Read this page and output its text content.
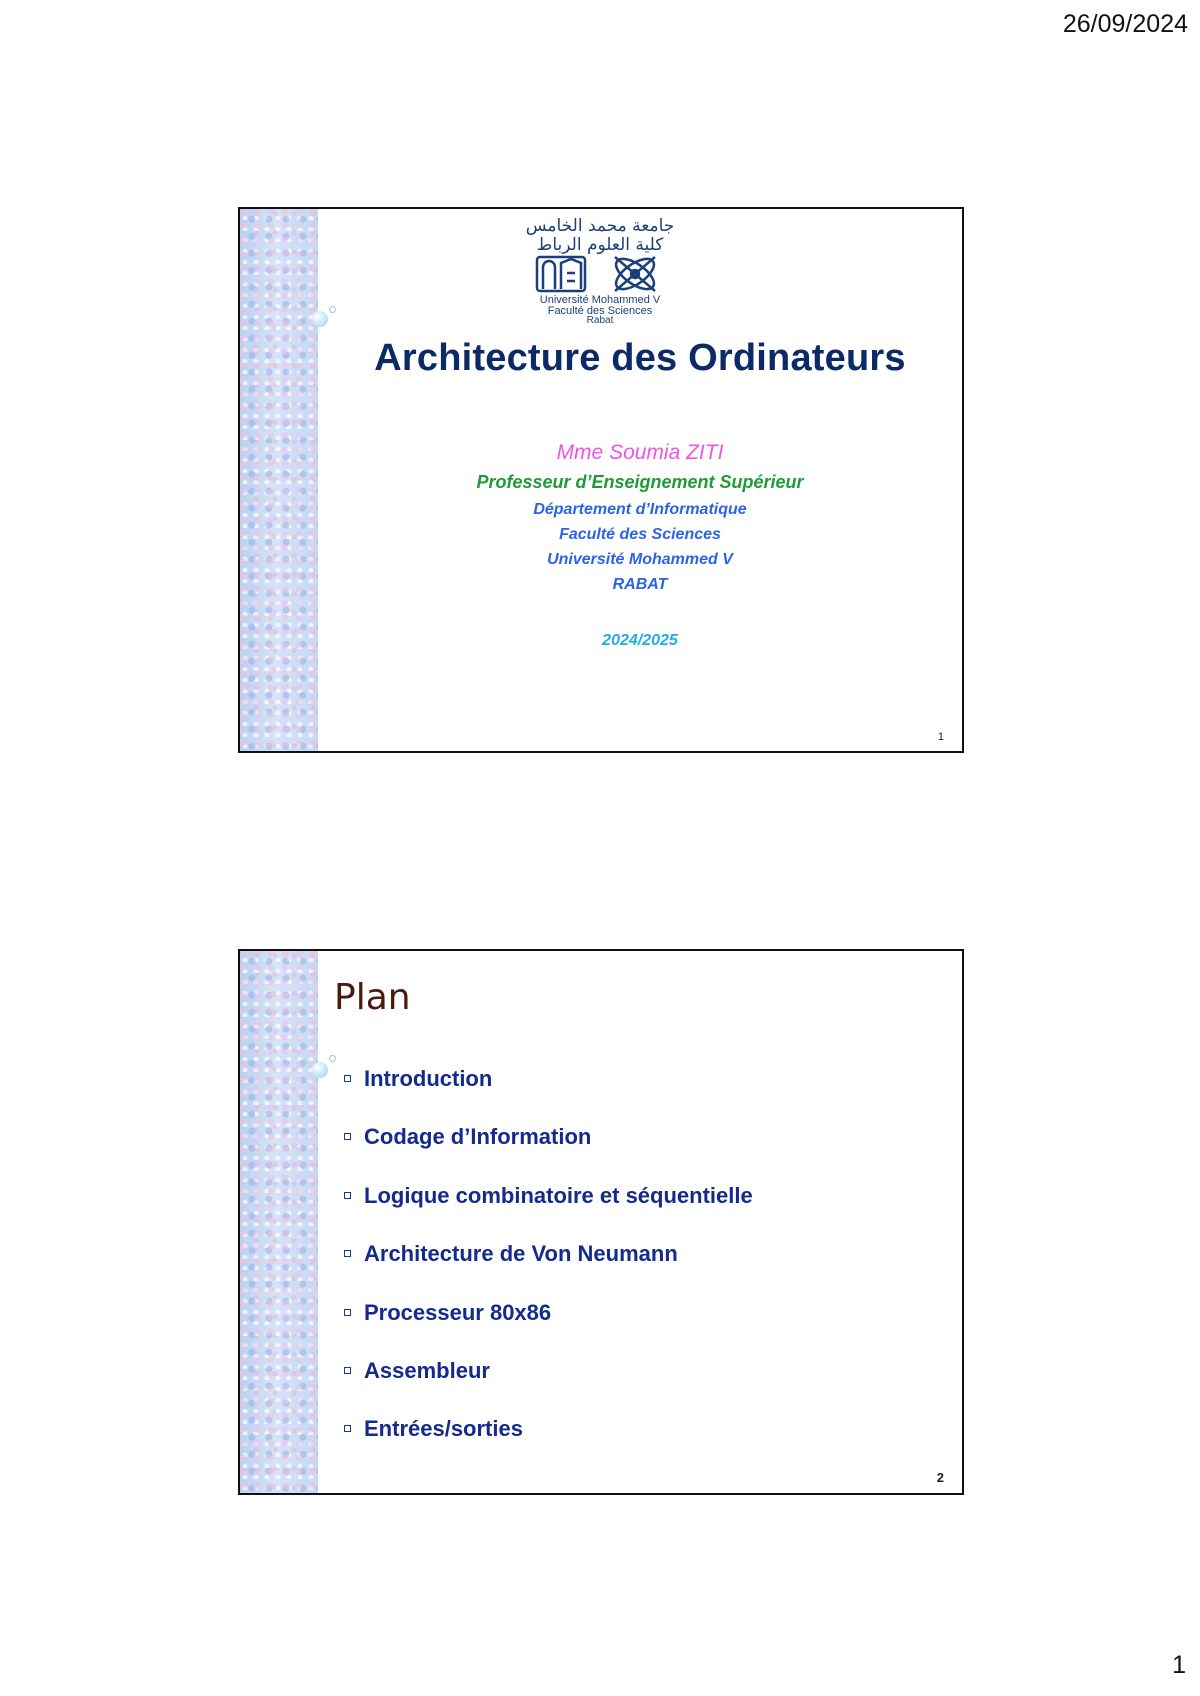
26/09/2024
جامعة محمد الخامس
كلية العلوم الرباط
Université Mohammed V
Faculté des Sciences
Rabat
Architecture des Ordinateurs
Mme Soumia ZITI
Professeur d’Enseignement Supérieur
Département d’Informatique
Faculté des Sciences
Université Mohammed V
RABAT
2024/2025
1
Plan
Introduction
Codage d’Information
Logique combinatoire et séquentielle
Architecture de Von Neumann
Processeur 80x86
Assembleur
Entrées/sorties
2
1
